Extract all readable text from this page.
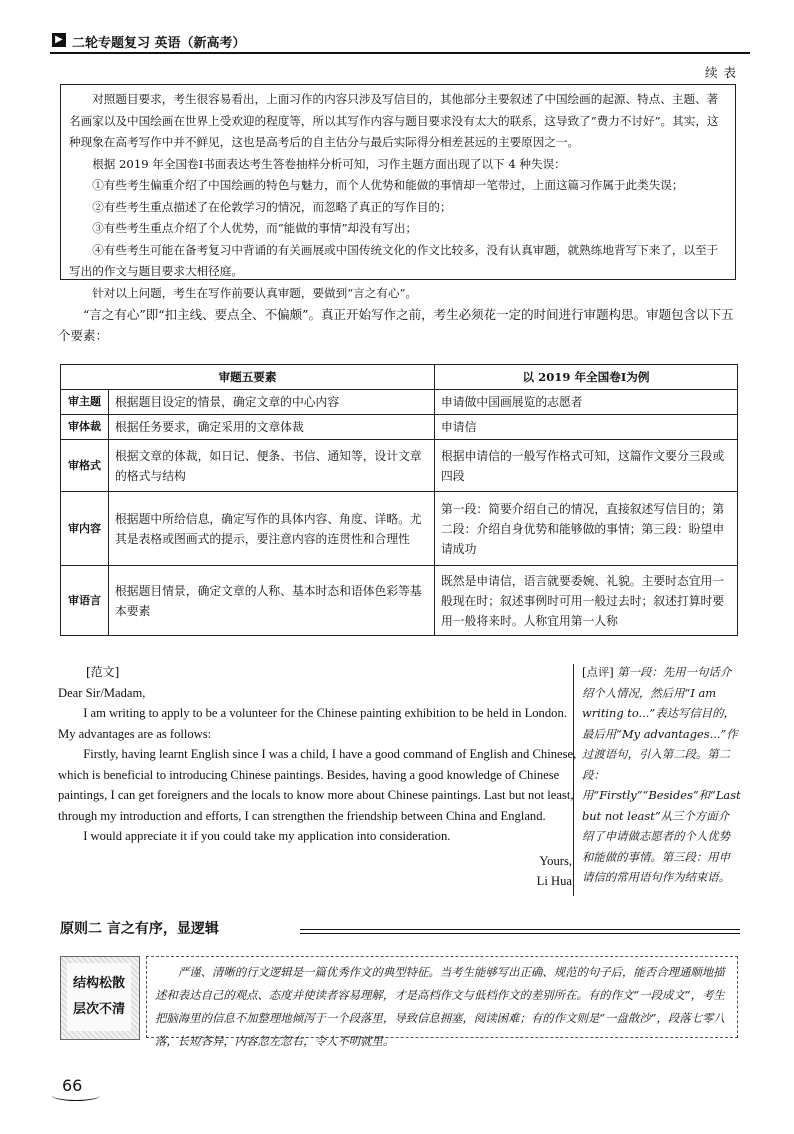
▶ 二轮专题复习 英语（新高考）
续表

对照题目要求，考生很容易看出，上面习作的内容只涉及写信目的，其他部分主要叙述了中国绘画的起源、特点、主题、著名画家以及中国绘画在世界上受欢迎的程度等，所以其写作内容与题目要求没有太大的联系，这导致了“费力不讨好”。其实，这种现象在高考写作中并不鲜见，这也是高考后的自主估分与最后实际得分相差甚远的主要原因之一。

根据 2019 年全国卷Ⅰ书面表达考生答卷抽样分析可知，习作主题方面出现了以下 4 种失误：

①有些考生偏重介绍了中国绘画的特色与魅力，而个人优势和能做的事情却一笔带过，上面这篇习作属于此类失误；

②有些考生重点描述了在伦敦学习的情况，而忽略了真正的写作目的；

③有些考生重点介绍了个人优势，而“能做的事情”却没有写出；

④有些考生可能在备考复习中背诵的有关画展或中国传统文化的作文比较多，没有认真审题，就熟练地背写下来了，以至于写出的作文与题目要求大相径庭。

针对以上问题，考生在写作前要认真审题，要做到“言之有心”。

“言之有心”即“扣主线、要点全、不偏颇”。真正开始写作之前，考生必须花一定的时间进行审题构思。审题包含以下五个要素：
审题五要素		以 2019 年全国卷Ⅰ为例
审主题	根据题目设定的情景，确定文章的中心内容	申请做中国画展览的志愿者
审体裁	根据任务要求，确定采用的文章体裁	申请信
审格式	根据文章的体裁，如日记、便条、书信、通知等，设计文章的格式与结构	根据申请信的一般写作格式可知，这篇作文要分三段或四段
审内容	根据题中所给信息，确定写作的具体内容、角度、详略。尤其是表格或图画式的提示，要注意内容的连贯性和合理性	第一段：简要介绍自己的情况，直接叙述写信目的；第二段：介绍自身优势和能够做的事情；第三段：盼望申请成功
审语言	根据题目情景，确定文章的人称、基本时态和语体色彩等基本要素	既然是申请信，语言就要委婉、礼貌。主要时态宜用一般现在时；叙述事例时可用一般过去时；叙述打算时要用一般将来时。人称宜用第一人称

[范文]

Dear Sir/Madam,

I am writing to apply to be a volunteer for the Chinese painting exhibition to be held in London. My advantages are as follows:

Firstly, having learnt English since I was a child, I have a good command of English and Chinese, which is beneficial to introducing Chinese paintings. Besides, having a good knowledge of Chinese paintings, I can get foreigners and the locals to know more about Chinese paintings. Last but not least, through my introduction and efforts, I can strengthen the friendship between China and England.

I would appreciate it if you could take my application into consideration.

Yours,

Li Hua

[点评] 第一段：先用一句话介绍个人情况，然后用“I am writing to...”表达写信目的，最后用“My advantages...”作过渡语句，引入第二段。第二段：用“Firstly”“Besides”和“Last but not least”从三个方面介绍了申请做志愿者的个人优势和能做的事情。第三段：用申请信的常用语句作为结束语。
原则二 言之有序，显逻辑
结构松散
层次不清
严谨、清晰的行文逻辑是一篇优秀作文的典型特征。当考生能够写出正确、规范的句子后，能否合理通顺地描述和表达自己的观点、态度并使读者容易理解，才是高档作文与低档作文的差别所在。有的作文“一段成文”，考生把脑海里的信息不加整理地倾泻于一个段落里，导致信息拥塞，阅读困难；有的作文则是“一盘散沙”，段落七零八落，长短各异，内容忽左忽右，令人不明就里。
66
